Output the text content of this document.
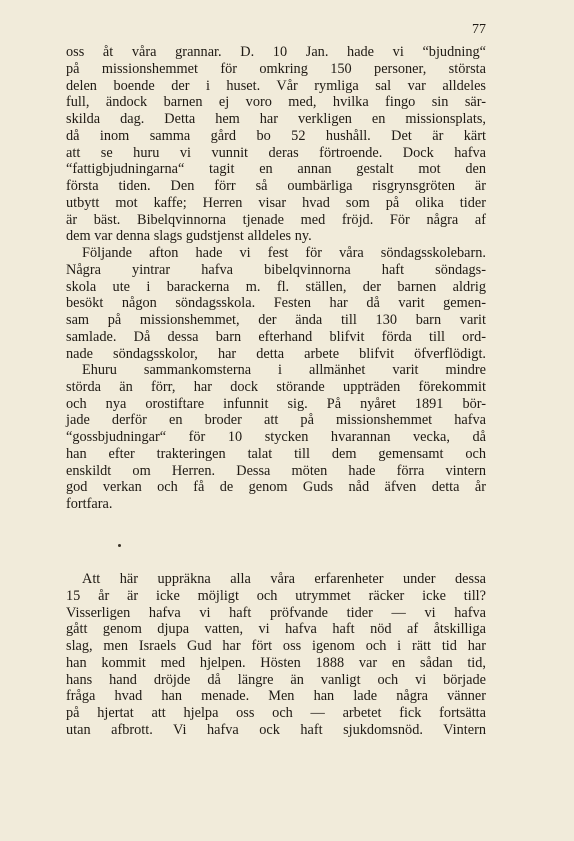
77
oss åt våra grannar. D. 10 Jan. hade vi “bjudning“
på missionshemmet för omkring 150 personer, största
delen boende der i huset. Vår rymliga sal var alldeles
full, ändock barnen ej voro med, hvilka fingo sin sär-
skilda dag. Detta hem har verkligen en missionsplats,
då inom samma gård bo 52 hushåll. Det är kärt
att se huru vi vunnit deras förtroende. Dock hafva
“fattigbjudningarna“ tagit en annan gestalt mot den
första tiden. Den förr så oumbärliga risgrynsgröten är
utbytt mot kaffe; Herren visar hvad som på olika tider
är bäst. Bibelqvinnorna tjenade med fröjd. För några af
dem var denna slags gudstjenst alldeles ny.
Följande afton hade vi fest för våra söndagsskolebarn.
Några yintrar hafva bibelqvinnorna haft söndags-
skola ute i barackerna m. fl. ställen, der barnen aldrig
besökt någon söndagsskola. Festen har då varit gemen-
sam på missionshemmet, der ända till 130 barn varit
samlade. Då dessa barn efterhand blifvit förda till ord-
nade söndagsskolor, har detta arbete blifvit öfverflödigt.
Ehuru sammankomsterna i allmänhet varit mindre
störda än förr, har dock störande uppträden förekommit
och nya orostiftare infunnit sig. På nyåret 1891 bör-
jade derför en broder att på missionshemmet hafva
“gossbjudningar“ för 10 stycken hvarannan vecka, då
han efter trakteringen talat till dem gemensamt och
enskildt om Herren. Dessa möten hade förra vintern
god verkan och få de genom Guds nåd äfven detta år
fortfara.
Att här uppräkna alla våra erfarenheter under dessa
15 år är icke möjligt och utrymmet räcker icke till?
Visserligen hafva vi haft pröfvande tider — vi hafva
gått genom djupa vatten, vi hafva haft nöd af åtskilliga
slag, men Israels Gud har fört oss igenom och i rätt tid har
han kommit med hjelpen. Hösten 1888 var en sådan tid,
hans hand dröjde då längre än vanligt och vi började
fråga hvad han menade. Men han lade några vänner
på hjertat att hjelpa oss och — arbetet fick fortsätta
utan afbrott. Vi hafva ock haft sjukdomsnöd. Vintern
